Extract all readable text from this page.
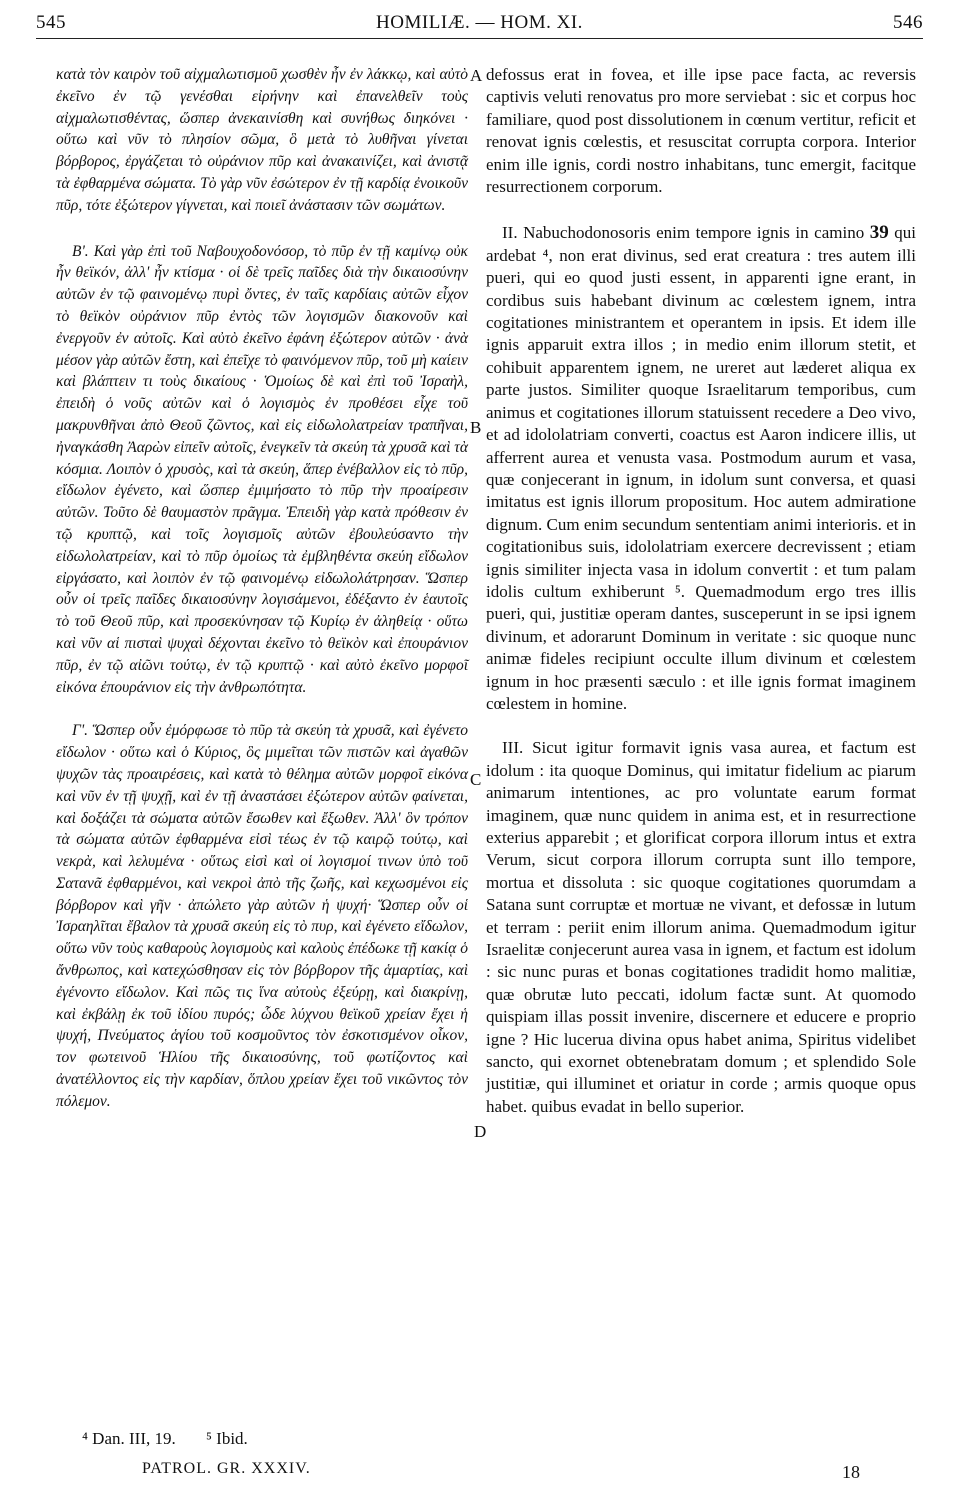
545	HOMILIÆ. — HOM. XI.	546

κατὰ τὸν καιρὸν τοῦ αἰχμαλωτισμοῦ χωσθὲν ἦν ἐν λάκκῳ, καὶ αὐτὸ ἐκεῖνο ἐν τῷ γενέσθαι εἰρήνην καὶ ἐπανελθεῖν τοὺς αἰχμαλωτισθέντας, ὥσπερ ἀνεκαινίσθη καὶ συνήθως διηκόνει · οὕτω καὶ νῦν τὸ πλησίον σῶμα, ὃ μετὰ τὸ λυθῆναι γίνεται βόρβορος, ἐργάζεται τὸ οὐράνιον πῦρ καὶ ἀνακαινίζει, καὶ ἀνιστᾷ τὰ ἐφθαρμένα σώματα. Τὸ γὰρ νῦν ἐσώτερον ἐν τῇ καρδίᾳ ἐνοικοῦν πῦρ, τότε ἐξώτερον γίγνεται, καὶ ποιεῖ ἀνάστασιν τῶν σωμάτων.

Β'. Καὶ γὰρ ἐπὶ τοῦ Ναβουχοδονόσορ, τὸ πῦρ ἐν τῇ καμίνῳ οὐκ ἦν θεϊκόν, ἀλλ' ἦν κτίσμα · οἱ δὲ τρεῖς παῖδες διὰ τὴν δικαιοσύνην αὐτῶν ἐν τῷ φαινομένῳ πυρὶ ὄντες, ἐν ταῖς καρδίαις αὐτῶν εἶχον τὸ θεϊκὸν οὐράνιον πῦρ ἐντὸς τῶν λογισμῶν διακονοῦν καὶ ἐνεργοῦν ἐν αὐτοῖς. Καὶ αὐτὸ ἐκεῖνο ἐφάνη ἐξώτερον αὐτῶν · ἀνὰ μέσον γὰρ αὐτῶν ἔστη, καὶ ἐπεῖχε τὸ φαινόμενον πῦρ, τοῦ μὴ καίειν καὶ βλάπτειν τι τοὺς δικαίους · Ὁμοίως δὲ καὶ ἐπὶ τοῦ Ἰσραὴλ, ἐπειδὴ ὁ νοῦς αὐτῶν καὶ ὁ λογισμὸς ἐν προθέσει εἶχε τοῦ μακρυνθῆναι ἀπὸ Θεοῦ ζῶντος, καὶ εἰς εἰδωλολατρείαν τραπῆναι, ἠναγκάσθη Ἀαρὼν εἰπεῖν αὐτοῖς, ἐνεγκεῖν τὰ σκεύη τὰ χρυσᾶ καὶ τὰ κόσμια. Λοιπὸν ὁ χρυσὸς, καὶ τὰ σκεύη, ἅπερ ἐνέβαλλον εἰς τὸ πῦρ, εἴδωλον ἐγένετο, καὶ ὥσπερ ἐμιμήσατο τὸ πῦρ τὴν προαίρεσιν αὐτῶν. Τοῦτο δὲ θαυμαστὸν πρᾶγμα. Ἐπειδὴ γὰρ κατὰ πρόθεσιν ἐν τῷ κρυπτῷ, καὶ τοῖς λογισμοῖς αὐτῶν ἐβουλεύσαντο τὴν εἰδωλολατρείαν, καὶ τὸ πῦρ ὁμοίως τὰ ἐμβληθέντα σκεύη εἴδωλον εἰργάσατο, καὶ λοιπὸν ἐν τῷ φαινομένῳ εἰδωλολάτρησαν. Ὥσπερ οὖν οἱ τρεῖς παῖδες δικαιοσύνην λογισάμενοι, ἐδέξαντο ἐν ἑαυτοῖς τὸ τοῦ Θεοῦ πῦρ, καὶ προσεκύνησαν τῷ Κυρίῳ ἐν ἀληθείᾳ · οὕτω καὶ νῦν αἱ πισταὶ ψυχαὶ δέχονται ἐκεῖνο τὸ θεϊκὸν καὶ ἐπουράνιον πῦρ, ἐν τῷ αἰῶνι τούτῳ, ἐν τῷ κρυπτῷ · καὶ αὐτὸ ἐκεῖνο μορφοῖ εἰκόνα ἐπουράνιον εἰς τὴν ἀνθρωπότητα.

Γ'. Ὥσπερ οὖν ἐμόρφωσε τὸ πῦρ τὰ σκεύη τὰ χρυσᾶ, καὶ ἐγένετο εἴδωλον · οὕτω καὶ ὁ Κύριος, ὃς μιμεῖται τῶν πιστῶν καὶ ἀγαθῶν ψυχῶν τὰς προαιρέσεις, καὶ κατὰ τὸ θέλημα αὐτῶν μορφοῖ εἰκόνα καὶ νῦν ἐν τῇ ψυχῇ, καὶ ἐν τῇ ἀναστάσει ἐξώτερον αὐτῶν φαίνεται, καὶ δοξάζει τὰ σώματα αὐτῶν ἔσωθεν καὶ ἔξωθεν. Ἀλλ' ὃν τρόπον τὰ σώματα αὐτῶν ἐφθαρμένα εἰσὶ τέως ἐν τῷ καιρῷ τούτῳ, καὶ νεκρὰ, καὶ λελυμένα · οὕτως εἰσὶ καὶ οἱ λογισμοί τινων ὑπὸ τοῦ Σατανᾶ ἐφθαρμένοι, καὶ νεκροὶ ἀπὸ τῆς ζωῆς, καὶ κεχωσμένοι εἰς βόρβορον καὶ γῆν · ἀπώλετο γὰρ αὐτῶν ἡ ψυχή· Ὥσπερ οὖν οἱ Ἰσραηλῖται ἔβαλον τὰ χρυσᾶ σκεύη εἰς τὸ πυρ, καὶ ἐγένετο εἴδωλον, οὕτω νῦν τοὺς καθαροὺς λογισμοὺς καὶ καλοὺς ἐπέδωκε τῇ κακίᾳ ὁ ἄνθρωπος, καὶ κατεχώσθησαν εἰς τὸν βόρβορον τῆς ἁμαρτίας, καὶ ἐγένοντο εἴδωλον. Καὶ πῶς τις ἵνα αὐτοὺς ἐξεύρῃ, καὶ διακρίνῃ, καὶ ἐκβάλῃ ἐκ τοῦ ἰδίου πυρός; ὧδε λύχνου θεϊκοῦ χρείαν ἔχει ἡ ψυχή, Πνεύματος ἁγίου τοῦ κοσμοῦντος τὸν ἐσκοτισμένον οἶκον, τον φωτεινοῦ Ἡλίου τῆς δικαιοσύνης, τοῦ φωτίζοντος καὶ ἀνατέλλοντος εἰς τὴν καρδίαν, ὅπλου χρείαν ἔχει τοῦ νικῶντος τὸν πόλεμον.

defossus erat in fovea, et ille ipse pace facta, ac reversis captivis veluti renovatus pro more serviebat : sic et corpus hoc familiare, quod post dissolutionem in cœnum vertitur, reficit et renovat ignis cœlestis, et resuscitat corrupta corpora. Interior enim ille ignis, cordi nostro inhabitans, tunc emergit, facitque resurrectionem corporum.

II. Nabuchodonosoris enim tempore ignis in camino 39 qui ardebat ⁴, non erat divinus, sed erat creatura : tres autem illi pueri, qui eo quod justi essent, in apparenti igne erant, in cordibus suis habebant divinum ac cœlestem ignem, intra cogitationes ministrantem et operantem in ipsis. Et idem ille ignis apparuit extra illos ; in medio enim illorum stetit, et cohibuit apparentem ignem, ne ureret aut læderet aliqua ex parte justos. Similiter quoque Israelitarum temporibus, cum animus et cogitationes illorum statuissent recedere a Deo vivo, et ad idololatriam converti, coactus est Aaron indicere illis, ut afferrent aurea et venusta vasa. Postmodum aurum et vasa, quæ conjecerant in ignum, in idolum sunt conversa, et quasi imitatus est ignis illorum propositum. Hoc autem admiratione dignum. Cum enim secundum sententiam animi interioris. et in cogitationibus suis, idololatriam exercere decrevissent ; etiam ignis similiter injecta vasa in idolum convertit : et tum palam idolis cultum exhiberunt ⁵. Quemadmodum ergo tres illis pueri, qui, justitiæ operam dantes, susceperunt in se ipsi ignem divinum, et adorarunt Dominum in veritate : sic quoque nunc animæ fideles recipiunt occulte illum divinum et cœlestem ignum in hoc præsenti sæculo : et ille ignis format imaginem cœlestem in homine.

III. Sicut igitur formavit ignis vasa aurea, et factum est idolum : ita quoque Dominus, qui imitatur fidelium ac piarum animarum intentiones, ac pro voluntate earum format imaginem, quæ nunc quidem in anima est, et in resurrectione exterius apparebit ; et glorificat corpora illorum intus et extra Verum, sicut corpora illorum corrupta sunt illo tempore, mortua et dissoluta : sic quoque cogitationes quorumdam a Satana sunt corruptæ et mortuæ ne vivant, et defossæ in lutum et terram : periit enim illorum anima. Quemadmodum igitur Israelitæ conjecerunt aurea vasa in ignem, et factum est idolum : sic nunc puras et bonas cogitationes tradidit homo malitiæ, quæ obrutæ luto peccati, idolum factæ sunt. At quomodo quispiam illas possit invenire, discernere et educere e proprio igne ? Hic lucerua divina opus habet anima, Spiritus videlibet sancto, qui exornet obtenebratam domum ; et splendido Sole justitiæ, qui illuminet et oriatur in corde ; armis quoque opus habet. quibus evadat in bello superior.

A
B
C
D
⁴ Dan. III, 19. ⁵ Ibid.
PATROL. GR. XXXIV.	18
